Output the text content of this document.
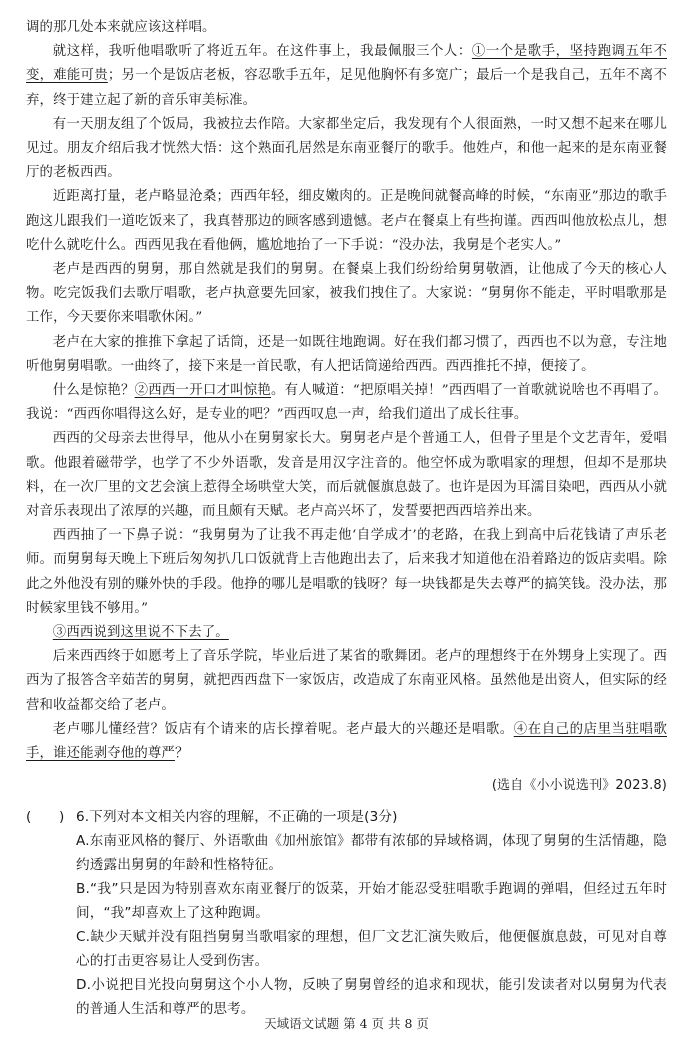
调的那几处本来就应该这样唱。

就这样，我听他唱歌听了将近五年。在这件事上，我最佩服三个人：①一个是歌手，坚持跑调五年不变，难能可贵；另一个是饭店老板，容忍歌手五年，足见他胸怀有多宽广；最后一个是我自己，五年不离不弃，终于建立起了新的音乐审美标准。

有一天朋友组了个饭局，我被拉去作陪。大家都坐定后，我发现有个人很面熟，一时又想不起来在哪儿见过。朋友介绍后我才恍然大悟：这个熟面孔居然是东南亚餐厅的歌手。他姓卢，和他一起来的是东南亚餐厅的老板西西。

近距离打量，老卢略显沧桑；西西年轻，细皮嫩肉的。正是晚间就餐高峰的时候，“东南亚”那边的歌手跑这儿跟我们一道吃饭来了，我真替那边的顾客感到遗憾。老卢在餐桌上有些拘谨。西西叫他放松点儿，想吃什么就吃什么。西西见我在看他俩，尴尬地抬了一下手说：“没办法，我舅是个老实人。”

老卢是西西的舅舅，那自然就是我们的舅舅。在餐桌上我们纷纷给舅舅敬酒，让他成了今天的核心人物。吃完饭我们去歌厅唱歌，老卢执意要先回家，被我们拽住了。大家说：“舅舅你不能走，平时唱歌那是工作，今天要你来唱歌休闲。”

老卢在大家的推推下拿起了话筒，还是一如既往地跑调。好在我们都习惯了，西西也不以为意，专注地听他舅舅唱歌。一曲终了，接下来是一首民歌，有人把话筒递给西西。西西推托不掉，便接了。

什么是惊艳？②西西一开口才叫惊艳。有人喊道：“把原唱关掉！”西西唱了一首歌就说啥也不再唱了。我说：“西西你唱得这么好，是专业的吧？”西西叹息一声，给我们道出了成长往事。

西西的父母亲去世得早，他从小在舅舅家长大。舅舅老卢是个普通工人，但骨子里是个文艺青年，爱唱歌。他跟着磁带学，也学了不少外语歌，发音是用汉字注音的。他空怀成为歌唱家的理想，但却不是那块料，在一次厂里的文艺会演上惹得全场哄堂大笑，而后就偃旗息鼓了。也许是因为耳濡目染吧，西西从小就对音乐表现出了浓厚的兴趣，而且颇有天赋。老卢高兴坏了，发誓要把西西培养出来。

西西抽了一下鼻子说：“我舅舅为了让我不再走他‘自学成才’的老路，在我上到高中后花钱请了声乐老师。而舅舅每天晚上下班后匆匆扒几口饭就背上吉他跑出去了，后来我才知道他在沿着路边的饭店卖唱。除此之外他没有别的赚外快的手段。他挣的哪儿是唱歌的钱呀？每一块钱都是失去尊严的搞笑钱。没办法，那时候家里钱不够用。”

③西西说到这里说不下去了。

后来西西终于如愿考上了音乐学院，毕业后进了某省的歌舞团。老卢的理想终于在外甥身上实现了。西西为了报答含辛茹苦的舅舅，就把西西盘下一家饭店，改造成了东南亚风格。虽然他是出资人，但实际的经营和收益都交给了老卢。

老卢哪儿懂经营？饭店有个请来的店长撑着呢。老卢最大的兴趣还是唱歌。④在自己的店里当驻唱歌手，谁还能剥夺他的尊严？

(选自《小小说选刊》2023.8)

(　　) 6.下列对本文相关内容的理解，不正确的一项是(3分)

A.东南亚风格的餐厅、外语歌曲《加州旅馆》都带有浓郁的异域格调，体现了舅舅的生活情趣，隐约透露出舅舅的年龄和性格特征。

B.“我”只是因为特别喜欢东南亚餐厅的饭菜，开始才能忍受驻唱歌手跑调的弹唱，但经过五年时间，“我”却喜欢上了这种跑调。

C.缺少天赋并没有阻挡舅舅当歌唱家的理想，但厂文艺汇演失败后，他便偃旗息鼓，可见对自尊心的打击更容易让人受到伤害。

D.小说把目光投向舅舅这个小人物，反映了舅舅曾经的追求和现状，能引发读者对以舅舅为代表的普通人生活和尊严的思考。

天域语文试题 第 4 页 共 8 页
